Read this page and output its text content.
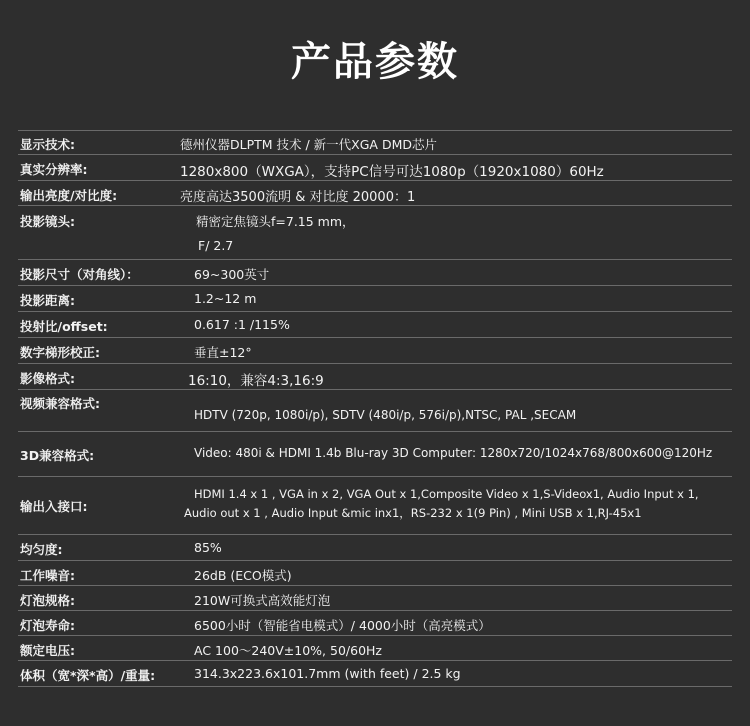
产品参数
显示技术:	德州仪器DLPTM 技术 / 新一代XGA DMD芯片
真实分辨率:	1280x800（WXGA），支持PC信号可达1080p（1920x1080）60Hz
输出亮度/对比度:	亮度高达3500流明 & 对比度 20000：1
投影镜头:	精密定焦镜头f=7.15 mm，
F/ 2.7
投影尺寸（对角线）：	69~300英寸
投影距离:	1.2~12 m
投射比/offset:	0.617 :1 /115%
数字梯形校正:	垂直±12°
影像格式:	16:10，兼容4:3,16:9
视频兼容格式:
HDTV (720p, 1080i/p), SDTV (480i/p, 576i/p),NTSC, PAL ,SECAM
3D兼容格式:	Video: 480i & HDMI 1.4b Blu-ray 3D Computer: 1280x720/1024x768/800x600@120Hz
输出入接口:
HDMI 1.4 x 1 , VGA in x 2, VGA Out x 1,Composite Video x 1,S-Videox1, Audio Input x 1,
Audio out x 1 , Audio Input &mic inx1，RS-232 x 1(9 Pin) , Mini USB x 1,RJ-45x1
均匀度:	85%
工作噪音:	26dB (ECO模式)
灯泡规格:	210W可换式高效能灯泡
灯泡寿命:	6500小时（智能省电模式）/ 4000小时（高亮模式）
额定电压:	AC 100～240V±10%, 50/60Hz
体积（宽*深*高）/重量:	314.3x223.6x101.7mm (with feet) / 2.5 kg
